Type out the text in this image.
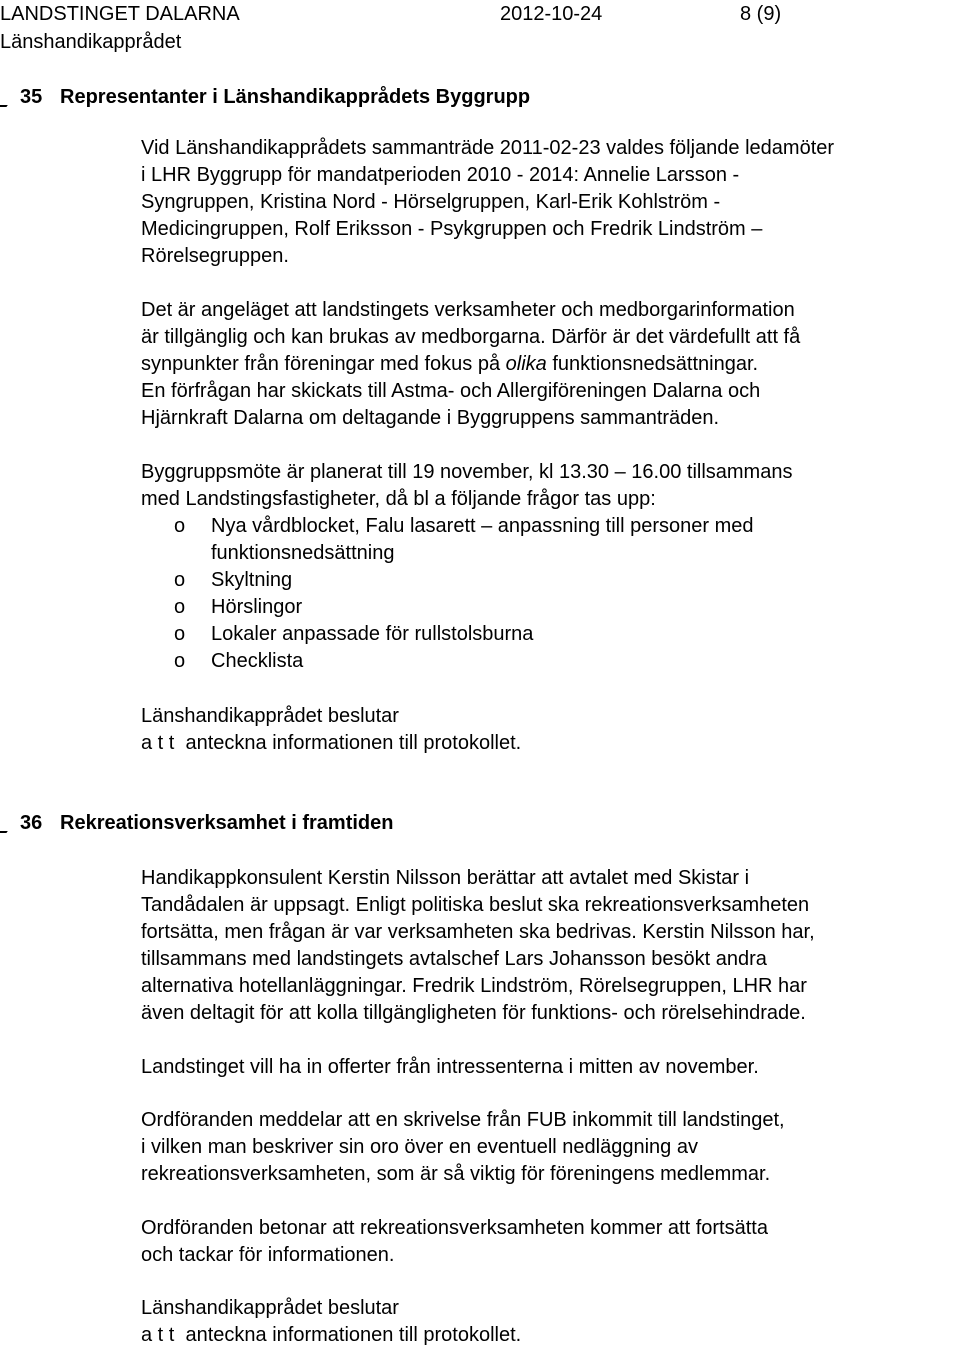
LANDSTINGET DALARNA	2012-10-24	8 (9)
Länshandikapprådet
35 Representanter i Länshandikapprådets Byggrupp
Vid Länshandikapprådets sammanträde 2011-02-23 valdes följande ledamöter
i LHR Byggrupp för mandatperioden 2010 - 2014: Annelie Larsson -
Syngruppen, Kristina Nord - Hörselgruppen, Karl-Erik Kohlström -
Medicingruppen, Rolf Eriksson - Psykgruppen och Fredrik Lindström –
Rörelsegruppen.
Det är angeläget att landstingets verksamheter och medborgarinformation
är tillgänglig och kan brukas av medborgarna. Därför är det värdefullt att få
synpunkter från föreningar med fokus på olika funktionsnedsättningar.
En förfrågan har skickats till Astma- och Allergiföreningen Dalarna och
Hjärnkraft Dalarna om deltagande i Byggruppens sammanträden.
Byggruppsmöte är planerat till 19 november, kl 13.30 – 16.00 tillsammans
med Landstingsfastigheter, då bl a följande frågor tas upp:
o	Nya vårdblocket, Falu lasarett – anpassning till personer med
funktionsnedsättning
o	Skyltning
o	Hörslingor
o	Lokaler anpassade för rullstolsburna
o	Checklista
Länshandikapprådet beslutar
a t t  anteckna informationen till protokollet.
36 Rekreationsverksamhet i framtiden
Handikappkonsulent Kerstin Nilsson berättar att avtalet med Skistar i
Tandådalen är uppsagt. Enligt politiska beslut ska rekreationsverksamheten
fortsätta, men frågan är var verksamheten ska bedrivas. Kerstin Nilsson har,
tillsammans med landstingets avtalschef Lars Johansson besökt andra
alternativa hotellanläggningar. Fredrik Lindström, Rörelsegruppen, LHR har
även deltagit för att kolla tillgängligheten för funktions- och rörelsehindrade.
Landstinget vill ha in offerter från intressenterna i mitten av november.
Ordföranden meddelar att en skrivelse från FUB inkommit till landstinget,
i vilken man beskriver sin oro över en eventuell nedläggning av
rekreationsverksamheten, som är så viktig för föreningens medlemmar.
Ordföranden betonar att rekreationsverksamheten kommer att fortsätta
och tackar för informationen.
Länshandikapprådet beslutar
a t t  anteckna informationen till protokollet.
